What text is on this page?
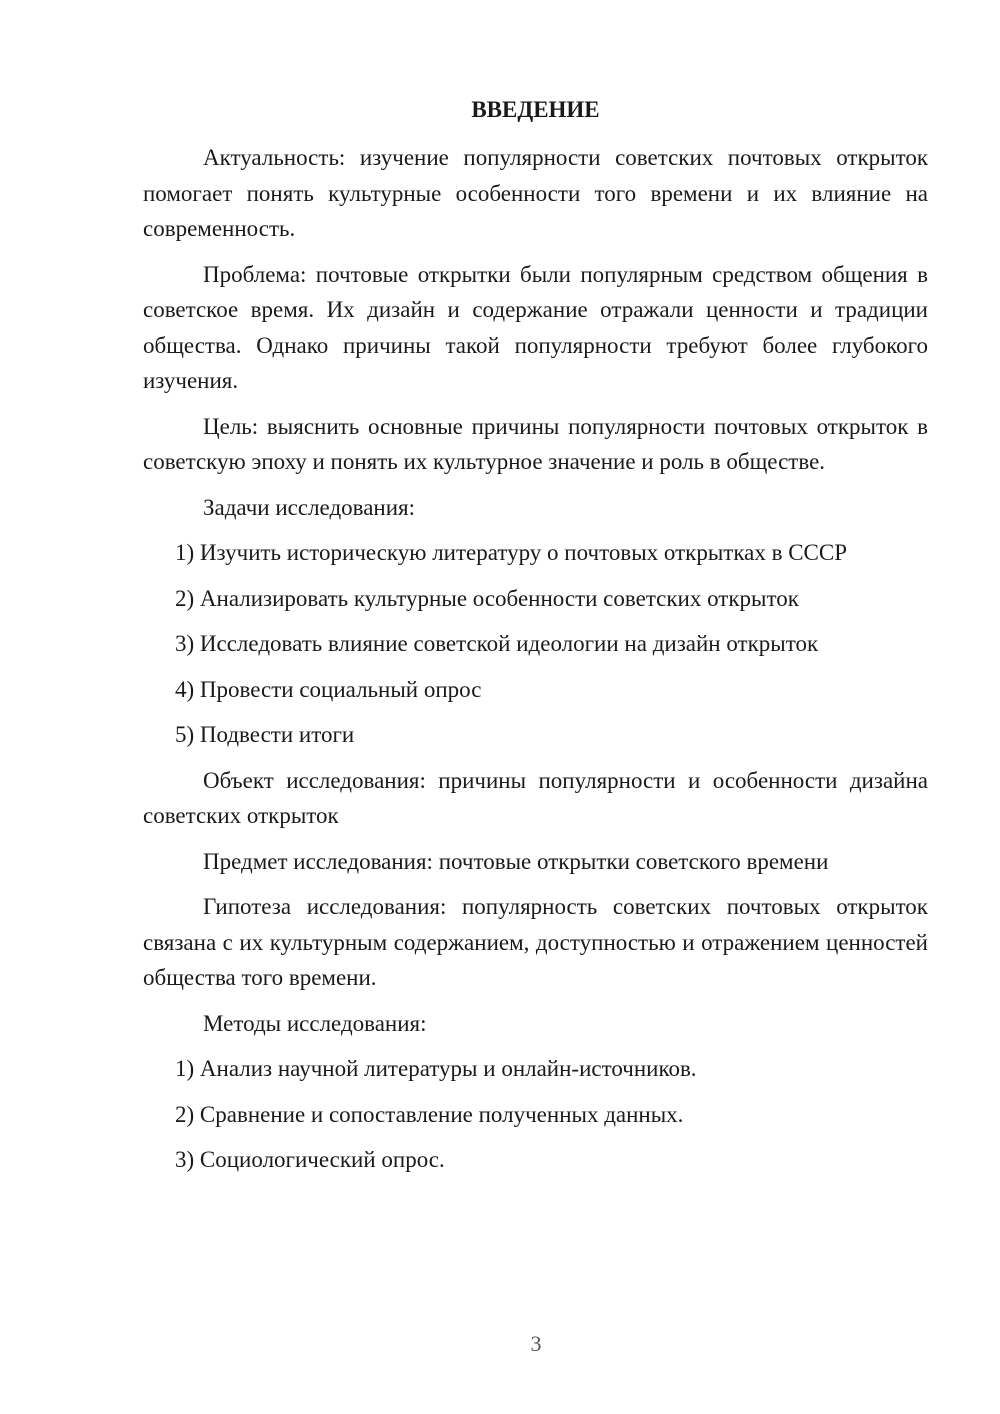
ВВЕДЕНИЕ

Актуальность: изучение популярности советских почтовых открыток помогает понять культурные особенности того времени и их влияние на современность.

Проблема: почтовые открытки были популярным средством общения в советское время. Их дизайн и содержание отражали ценности и традиции общества. Однако причины такой популярности требуют более глубокого изучения.

Цель: выяснить основные причины популярности почтовых открыток в советскую эпоху и понять их культурное значение и роль в обществе.

Задачи исследования:

1) Изучить историческую литературу о почтовых открытках в СССР

2) Анализировать культурные особенности советских открыток

3) Исследовать влияние советской идеологии на дизайн открыток

4) Провести социальный опрос

5) Подвести итоги

Объект исследования: причины популярности и особенности дизайна советских открыток

Предмет исследования: почтовые открытки советского времени

Гипотеза исследования: популярность советских почтовых открыток связана с их культурным содержанием, доступностью и отражением ценностей общества того времени.

Методы исследования:

1) Анализ научной литературы и онлайн-источников.

2) Сравнение и сопоставление полученных данных.

3) Социологический опрос.

3
